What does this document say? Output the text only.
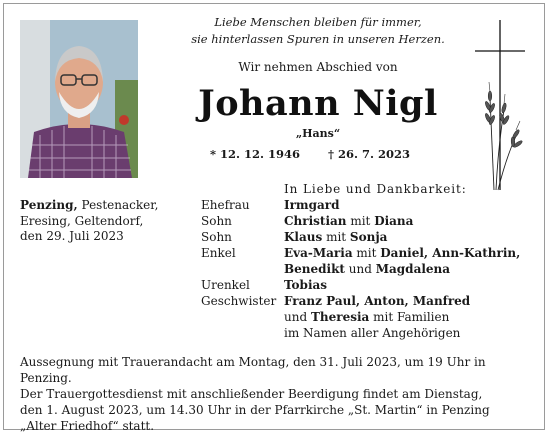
Liebe Menschen bleiben für immer,
sie hinterlassen Spuren in unseren Herzen.
Wir nehmen Abschied von
Johann Nigl
„Hans“
* 12. 12. 1946 † 26. 7. 2023
In Liebe und Dankbarkeit:
Penzing, Pestenacker,
Eresing, Geltendorf,
den 29. Juli 2023
Ehefrau	Irmgard
Sohn	Christian mit Diana
Sohn	Klaus mit Sonja
Enkel	Eva-Maria mit Daniel, Ann-Kathrin,
Benedikt und Magdalena
Urenkel	Tobias
Geschwister Franz Paul, Anton, Manfred
und Theresia mit Familien
im Namen aller Angehörigen
Aussegnung mit Trauerandacht am Montag, den 31. Juli 2023, um 19 Uhr in Penzing.
Der Trauergottesdienst mit anschließender Beerdigung findet am Dienstag,
den 1. August 2023, um 14.30 Uhr in der Pfarrkirche „St. Martin“ in Penzing
„Alter Friedhof“ statt.
